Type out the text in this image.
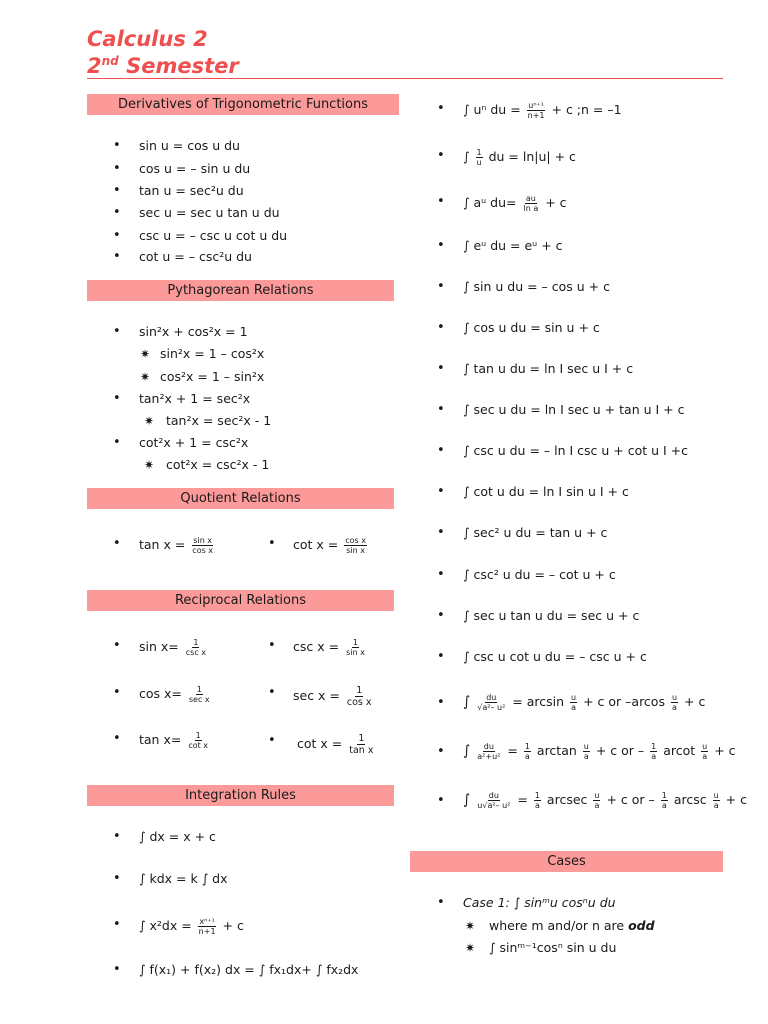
Calculus 2
2nd Semester
Derivatives of Trigonometric Functions
• sin u = cos u du
• cos u = – sin u du
• tan u = sec²u du
• sec u = sec u tan u du
• csc u = – csc u cot u du
• cot u = – csc²u du
Pythagorean Relations
• sin²x + cos²x = 1
✷ sin²x = 1 – cos²x
✷ cos²x = 1 – sin²x
• tan²x + 1 = sec²x
✷ tan²x = sec²x - 1
• cot²x + 1 = csc²x
✷ cot²x = csc²x - 1
Quotient Relations
• $\tan x = \frac{\text{sin x}}{\text{cos x}}$	• $\cot x = \frac{\text{cos x}}{\text{sin x}}$
Reciprocal Relations
• $\sin x= \frac{1}{\text{csc x}}$	• $\csc x = \frac{1}{\text{sin x}}$
• $\cos x= \frac{1}{\text{sec x}}$	• $\sec x = \frac{1}{\text{cos x}}$
• $\tan x= \frac{1}{\text{cot x}}$	• $\cot x = \frac{1}{\text{tan x}}$
Integration Rules
• ∫ dx = x + c
• ∫ kdx = k ∫ dx
• ∫ $x^2dx = \frac{\text{xⁿ⁺¹}}{n+1} + c$
• ∫ f(x₁) + f(x₂) dx = ∫ fx₁dx+ ∫ fx₂dx
• ∫ uⁿ du = $\frac{\text{uⁿ⁺¹}}{n+1} + c$ ;n = –1
• ∫ $\frac{1}{u}$ du = ln|u| + c
• ∫ aᵘ $du= \frac{au}{\text{ln a}} + c$
• ∫ eᵘ du = eᵘ + c
• ∫ sin u du = – cos u + c
• ∫ cos u du = sin u + c
• ∫ tan u du = ln I sec u I + c
• ∫ sec u du = ln I sec u + tan u I + c
• ∫ csc u du = – ln I csc u + cot u I +c
• ∫ cot u du = ln I sin u I + c
• ∫ sec² u du = tan u + c
• ∫ csc² u du = – cot u + c
• ∫ sec u tan u du = sec u + c
• ∫ csc u cot u du = – csc u + c
• ∫ $\frac{du}{\text{√a²– u²}} = \arcsin \frac{u}{a} + c$ or $-arcos \frac{u}{a} + c$
• ∫ $\frac{du}{\text{a²+u²}} = \frac{1}{a}$ $\arctan \frac{u}{a} + c$ or – $\frac{1}{a}$ arcot $\frac{u}{a} + c$
• ∫ $\frac{du}{\text{u√a²– u²}} = \frac{1}{a}$ arcsec $\frac{u}{a} + c$ or – $\frac{1}{a}$ arcsc $\frac{u}{a} + c$
Cases
• Case 1: ∫ sinᵐu cosⁿu du
✷ where m and/or n are odd
✷ ∫ sinᵐ⁻¹cosⁿ sin u du
